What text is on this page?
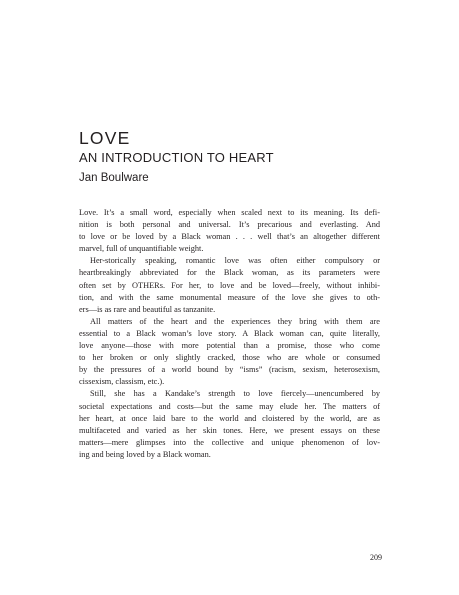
LOVE
AN INTRODUCTION TO HEART
Jan Boulware

Love. It’s a small word, especially when scaled next to its meaning. Its defi-
nition is both personal and universal. It’s precarious and everlasting. And
to love or be loved by a Black woman . . . well that’s an altogether different
marvel, full of unquantifiable weight.

Her-storically speaking, romantic love was often either compulsory or
heartbreakingly abbreviated for the Black woman, as its parameters were
often set by OTHERs. For her, to love and be loved—freely, without inhibi-
tion, and with the same monumental measure of the love she gives to oth-
ers—is as rare and beautiful as tanzanite.

All matters of the heart and the experiences they bring with them are
essential to a Black woman’s love story. A Black woman can, quite literally,
love anyone—those with more potential than a promise, those who come
to her broken or only slightly cracked, those who are whole or consumed
by the pressures of a world bound by “isms” (racism, sexism, heterosexism,
cissexism, classism, etc.).

Still, she has a Kandake’s strength to love fiercely—unencumbered by
societal expectations and costs—but the same may elude her. The matters of
her heart, at once laid bare to the world and cloistered by the world, are as
multifaceted and varied as her skin tones. Here, we present essays on these
matters—mere glimpses into the collective and unique phenomenon of lov-
ing and being loved by a Black woman.

209
